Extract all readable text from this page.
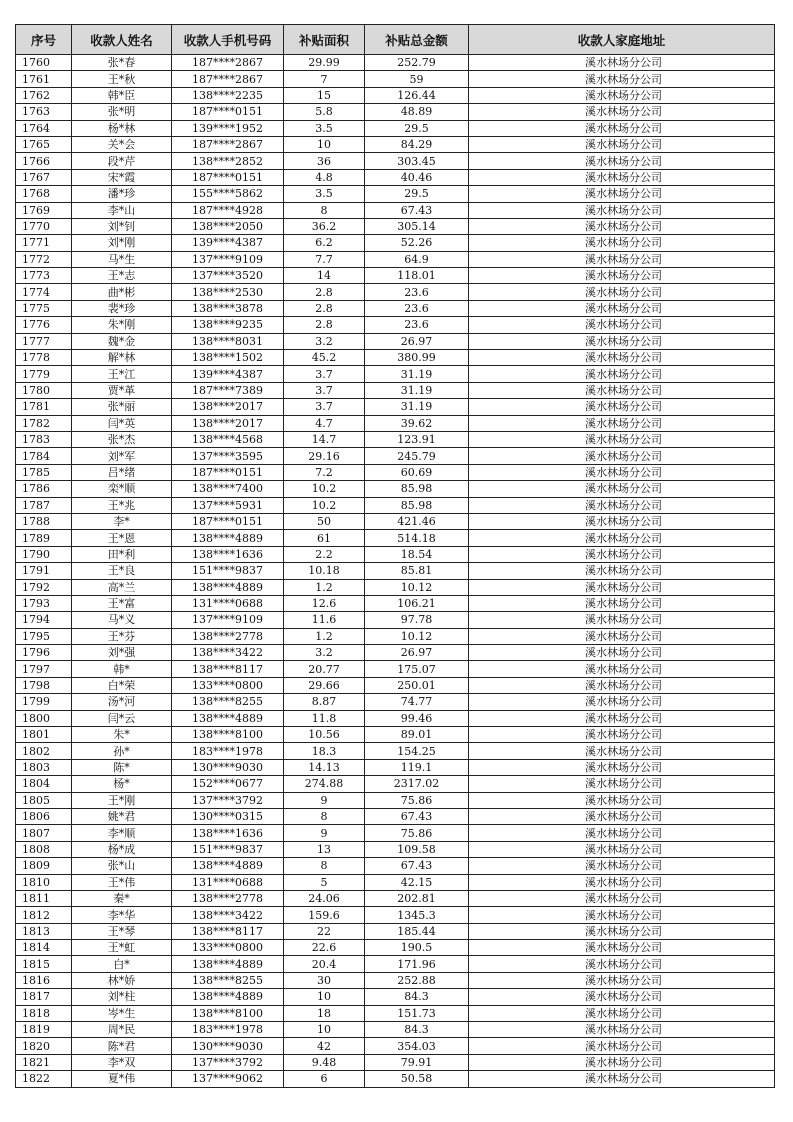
序号	收款人姓名	收款人手机号码	补贴面积	补贴总金额	收款人家庭地址
1760	张*春	187****2867	29.99	252.79	溪水林场分公司
1761	王*秋	187****2867	7	59	溪水林场分公司
1762	韩*臣	138****2235	15	126.44	溪水林场分公司
1763	张*明	187****0151	5.8	48.89	溪水林场分公司
1764	杨*林	139****1952	3.5	29.5	溪水林场分公司
1765	关*会	187****2867	10	84.29	溪水林场分公司
1766	段*芹	138****2852	36	303.45	溪水林场分公司
1767	宋*霞	187****0151	4.8	40.46	溪水林场分公司
1768	潘*珍	155****5862	3.5	29.5	溪水林场分公司
1769	李*山	187****4928	8	67.43	溪水林场分公司
1770	刘*钊	138****2050	36.2	305.14	溪水林场分公司
1771	刘*刚	139****4387	6.2	52.26	溪水林场分公司
1772	马*生	137****9109	7.7	64.9	溪水林场分公司
1773	王*志	137****3520	14	118.01	溪水林场分公司
1774	曲*彬	138****2530	2.8	23.6	溪水林场分公司
1775	裴*珍	138****3878	2.8	23.6	溪水林场分公司
1776	朱*刚	138****9235	2.8	23.6	溪水林场分公司
1777	魏*金	138****8031	3.2	26.97	溪水林场分公司
1778	解*林	138****1502	45.2	380.99	溪水林场分公司
1779	王*江	139****4387	3.7	31.19	溪水林场分公司
1780	贾*革	187****7389	3.7	31.19	溪水林场分公司
1781	张*丽	138****2017	3.7	31.19	溪水林场分公司
1782	闫*英	138****2017	4.7	39.62	溪水林场分公司
1783	张*杰	138****4568	14.7	123.91	溪水林场分公司
1784	刘*军	137****3595	29.16	245.79	溪水林场分公司
1785	吕*绪	187****0151	7.2	60.69	溪水林场分公司
1786	栾*顺	138****7400	10.2	85.98	溪水林场分公司
1787	王*兆	137****5931	10.2	85.98	溪水林场分公司
1788	李*	187****0151	50	421.46	溪水林场分公司
1789	王*恩	138****4889	61	514.18	溪水林场分公司
1790	田*利	138****1636	2.2	18.54	溪水林场分公司
1791	王*良	151****9837	10.18	85.81	溪水林场分公司
1792	高*兰	138****4889	1.2	10.12	溪水林场分公司
1793	王*富	131****0688	12.6	106.21	溪水林场分公司
1794	马*义	137****9109	11.6	97.78	溪水林场分公司
1795	王*芬	138****2778	1.2	10.12	溪水林场分公司
1796	刘*强	138****3422	3.2	26.97	溪水林场分公司
1797	韩*	138****8117	20.77	175.07	溪水林场分公司
1798	白*荣	133****0800	29.66	250.01	溪水林场分公司
1799	汤*河	138****8255	8.87	74.77	溪水林场分公司
1800	闫*云	138****4889	11.8	99.46	溪水林场分公司
1801	朱*	138****8100	10.56	89.01	溪水林场分公司
1802	孙*	183****1978	18.3	154.25	溪水林场分公司
1803	陈*	130****9030	14.13	119.1	溪水林场分公司
1804	杨*	152****0677	274.88	2317.02	溪水林场分公司
1805	王*刚	137****3792	9	75.86	溪水林场分公司
1806	姚*君	130****0315	8	67.43	溪水林场分公司
1807	李*顺	138****1636	9	75.86	溪水林场分公司
1808	杨*成	151****9837	13	109.58	溪水林场分公司
1809	张*山	138****4889	8	67.43	溪水林场分公司
1810	王*伟	131****0688	5	42.15	溪水林场分公司
1811	秦*	138****2778	24.06	202.81	溪水林场分公司
1812	李*华	138****3422	159.6	1345.3	溪水林场分公司
1813	王*琴	138****8117	22	185.44	溪水林场分公司
1814	王*虹	133****0800	22.6	190.5	溪水林场分公司
1815	白*	138****4889	20.4	171.96	溪水林场分公司
1816	林*娇	138****8255	30	252.88	溪水林场分公司
1817	刘*柱	138****4889	10	84.3	溪水林场分公司
1818	岑*生	138****8100	18	151.73	溪水林场分公司
1819	周*民	183****1978	10	84.3	溪水林场分公司
1820	陈*君	130****9030	42	354.03	溪水林场分公司
1821	李*双	137****3792	9.48	79.91	溪水林场分公司
1822	夏*伟	137****9062	6	50.58	溪水林场分公司
